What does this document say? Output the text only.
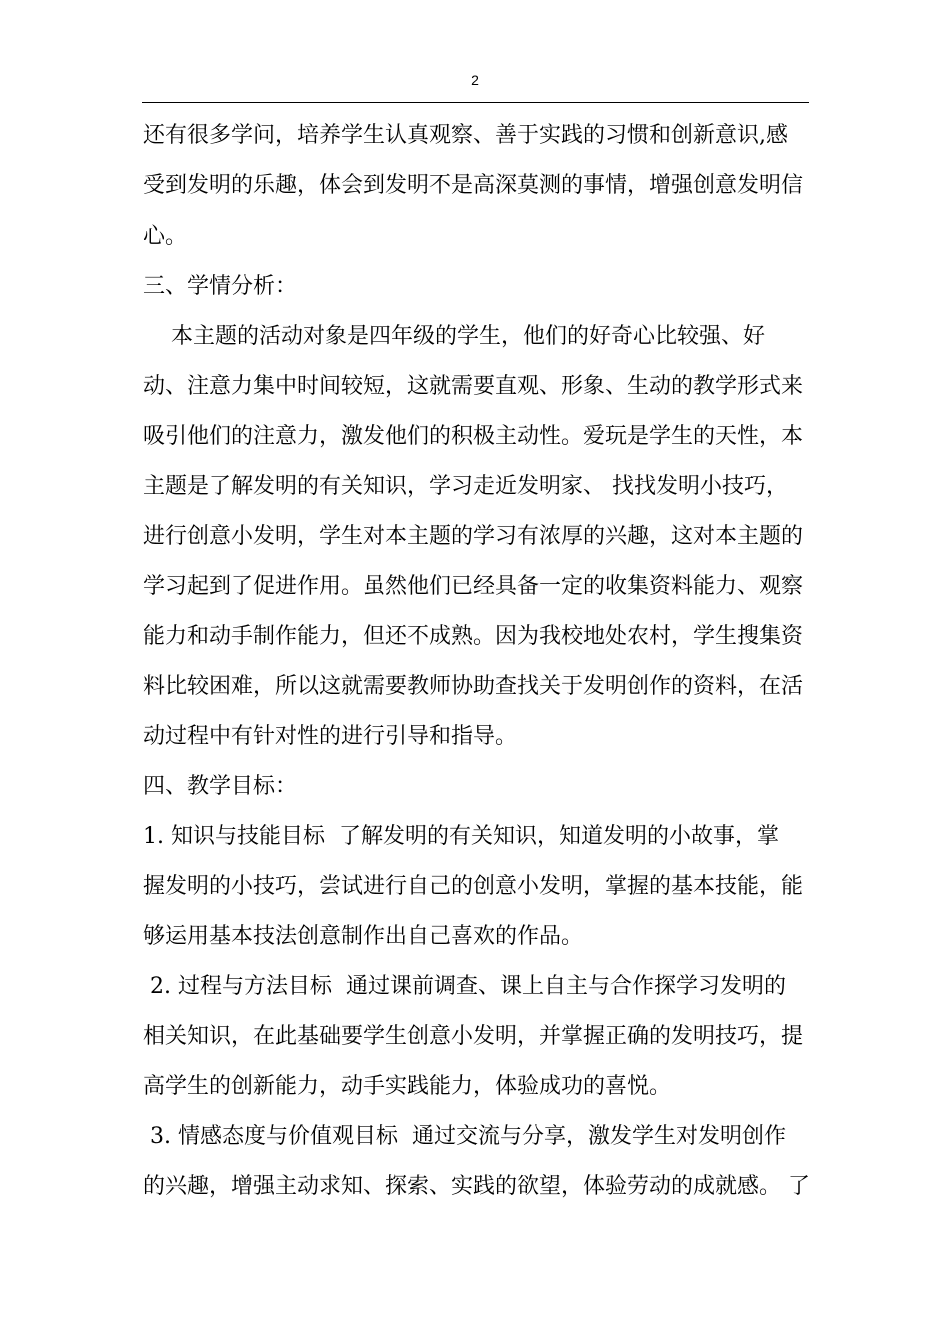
2
还有很多学问，培养学生认真观察、善于实践的习惯和创新意识,感
受到发明的乐趣，体会到发明不是高深莫测的事情，增强创意发明信
心。
三、学情分析：
本主题的活动对象是四年级的学生，他们的好奇心比较强、好
动、注意力集中时间较短，这就需要直观、形象、生动的教学形式来
吸引他们的注意力，激发他们的积极主动性。爱玩是学生的天性，本
主题是了解发明的有关知识，学习走近发明家、 找找发明小技巧，
进行创意小发明，学生对本主题的学习有浓厚的兴趣，这对本主题的
学习起到了促进作用。虽然他们已经具备一定的收集资料能力、观察
能力和动手制作能力，但还不成熟。因为我校地处农村，学生搜集资
料比较困难，所以这就需要教师协助查找关于发明创作的资料，在活
动过程中有针对性的进行引导和指导。
四、教学目标：
1. 知识与技能目标  了解发明的有关知识，知道发明的小故事，掌
握发明的小技巧，尝试进行自己的创意小发明，掌握的基本技能，能
够运用基本技法创意制作出自己喜欢的作品。
2. 过程与方法目标  通过课前调查、课上自主与合作探学习发明的
相关知识，在此基础要学生创意小发明，并掌握正确的发明技巧，提
高学生的创新能力，动手实践能力，体验成功的喜悦。
3. 情感态度与价值观目标  通过交流与分享，激发学生对发明创作
的兴趣，增强主动求知、探索、实践的欲望，体验劳动的成就感。 了
